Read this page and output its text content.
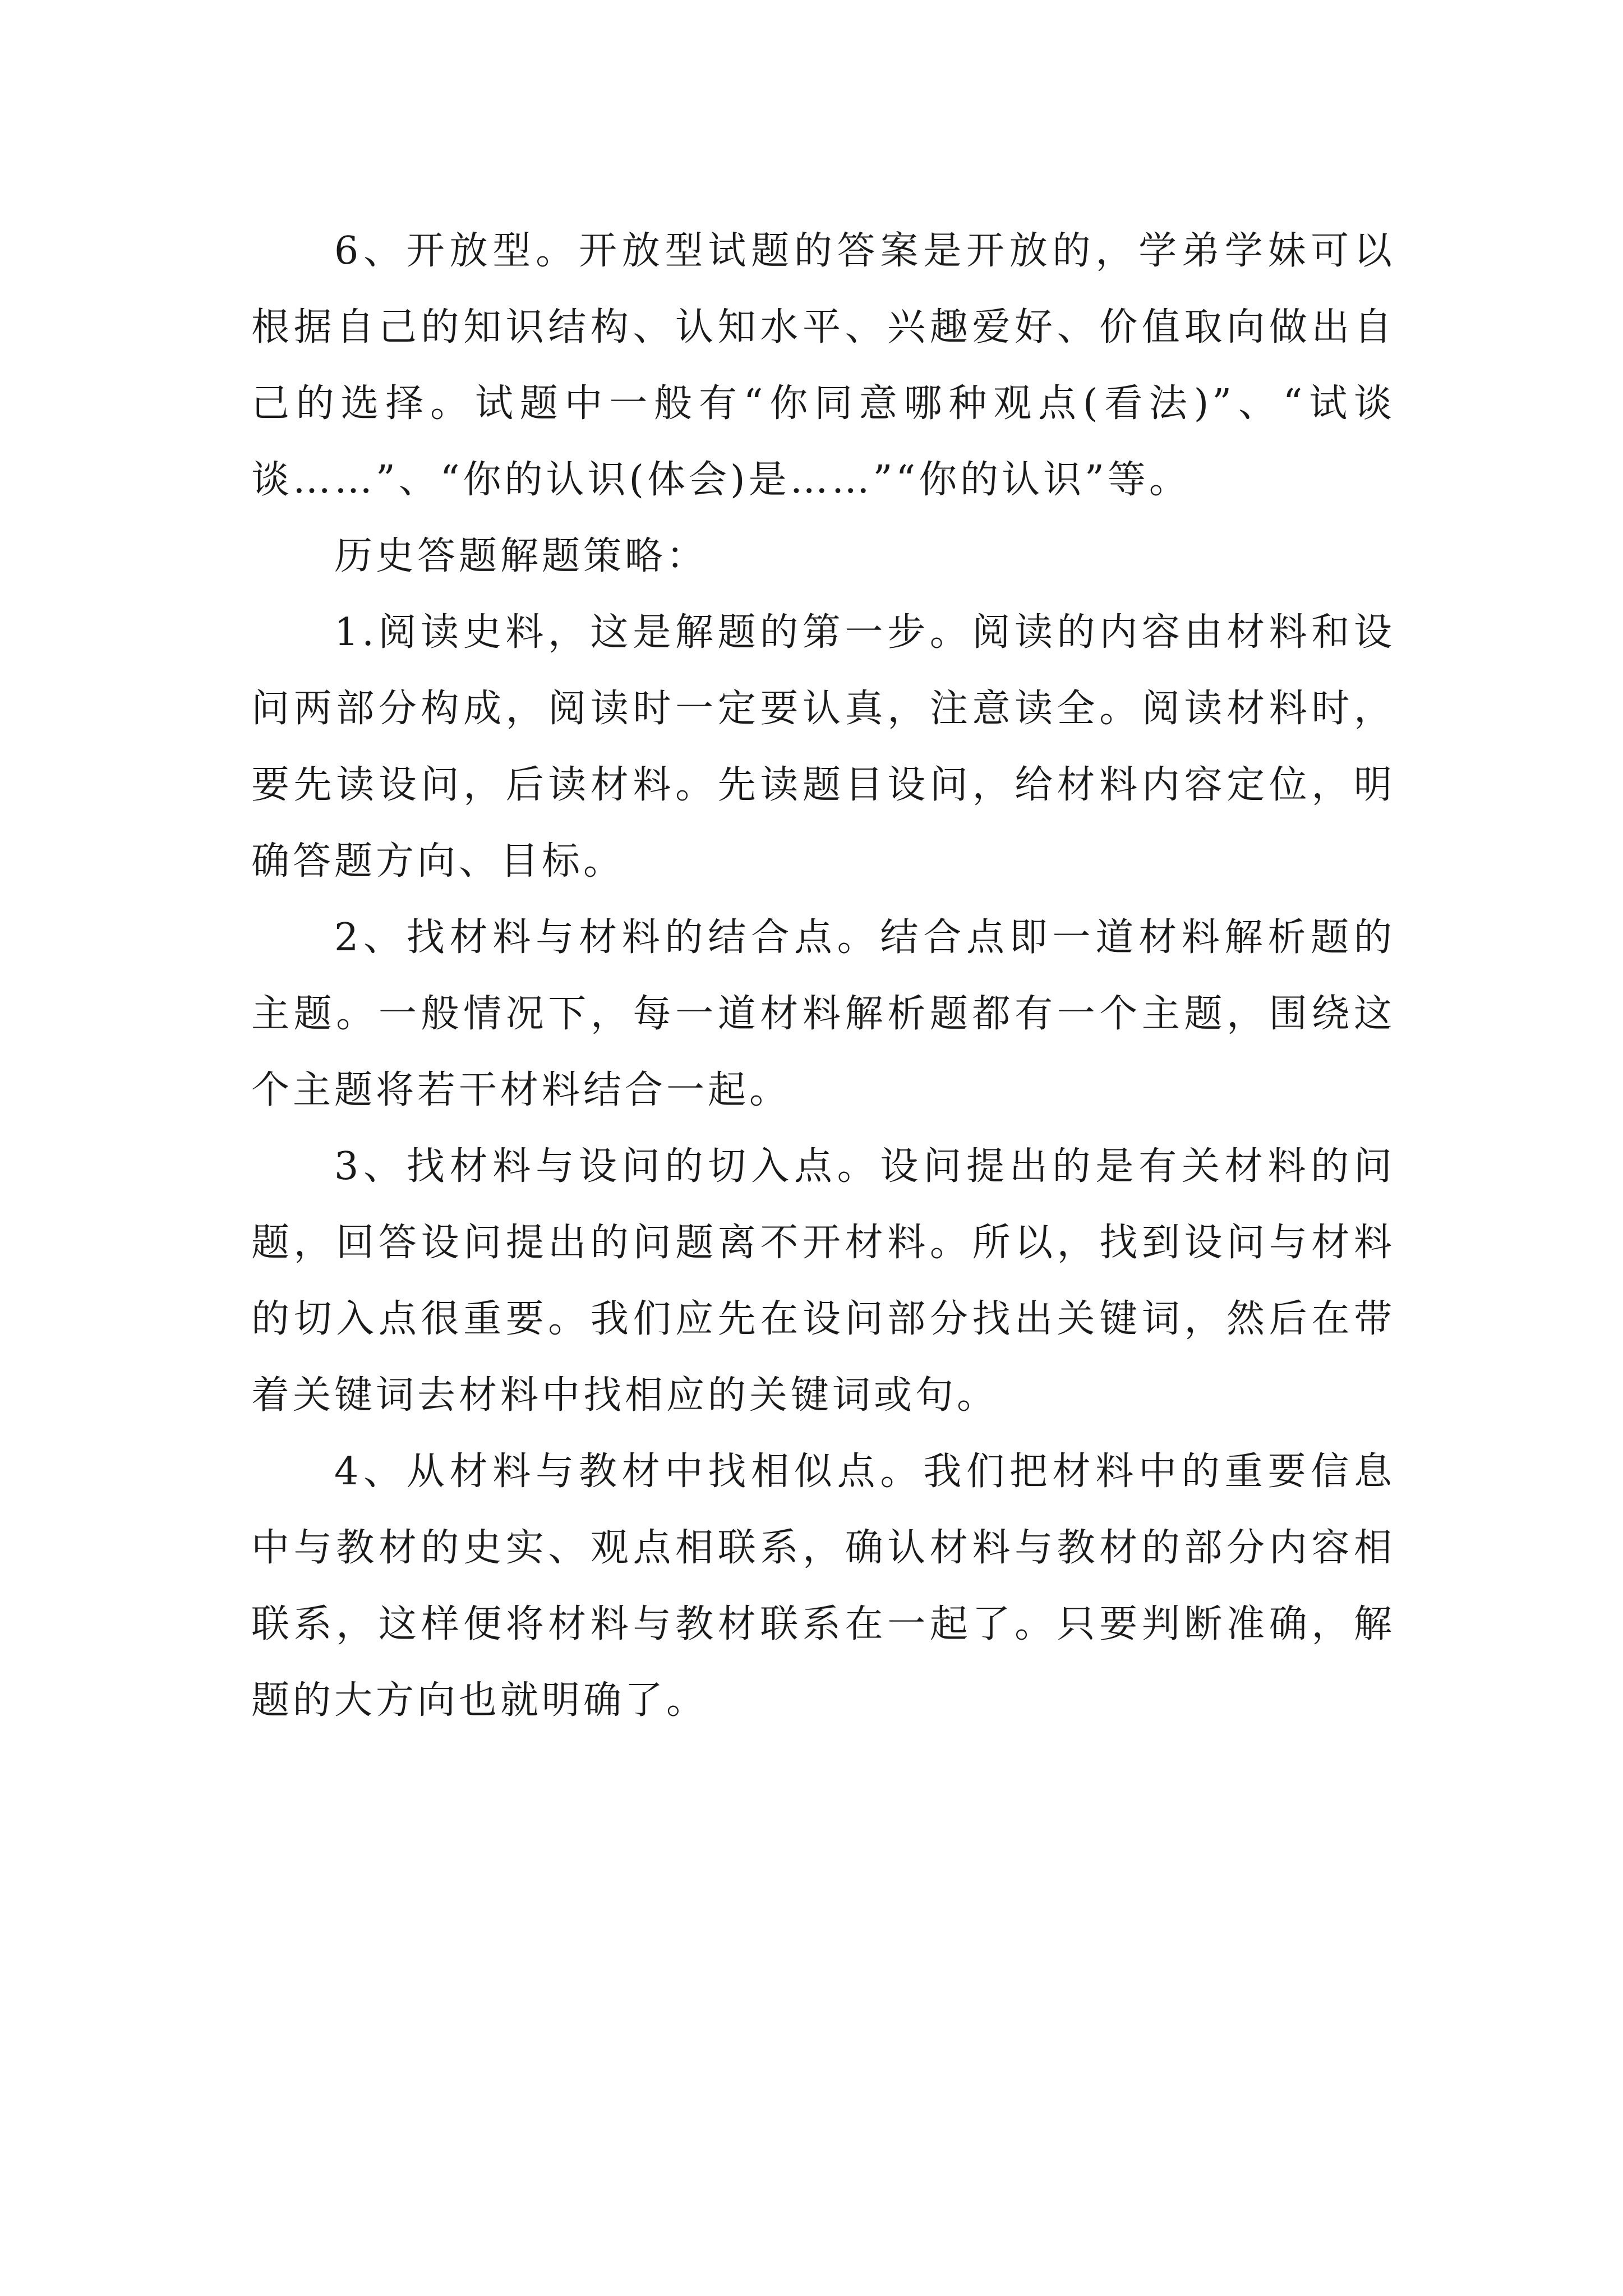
6、开放型。开放型试题的答案是开放的，学弟学妹可以根据自己的知识结构、认知水平、兴趣爱好、价值取向做出自己的选择。试题中一般有“你同意哪种观点(看法)”、“试谈谈……”、“你的认识(体会)是……”“你的认识”等。

历史答题解题策略：

1.阅读史料，这是解题的第一步。阅读的内容由材料和设问两部分构成，阅读时一定要认真，注意读全。阅读材料时，要先读设问，后读材料。先读题目设问，给材料内容定位，明确答题方向、目标。

2、找材料与材料的结合点。结合点即一道材料解析题的主题。一般情况下，每一道材料解析题都有一个主题，围绕这个主题将若干材料结合一起。

3、找材料与设问的切入点。设问提出的是有关材料的问题，回答设问提出的问题离不开材料。所以，找到设问与材料的切入点很重要。我们应先在设问部分找出关键词，然后在带着关键词去材料中找相应的关键词或句。

4、从材料与教材中找相似点。我们把材料中的重要信息中与教材的史实、观点相联系，确认材料与教材的部分内容相联系，这样便将材料与教材联系在一起了。只要判断准确，解题的大方向也就明确了。
